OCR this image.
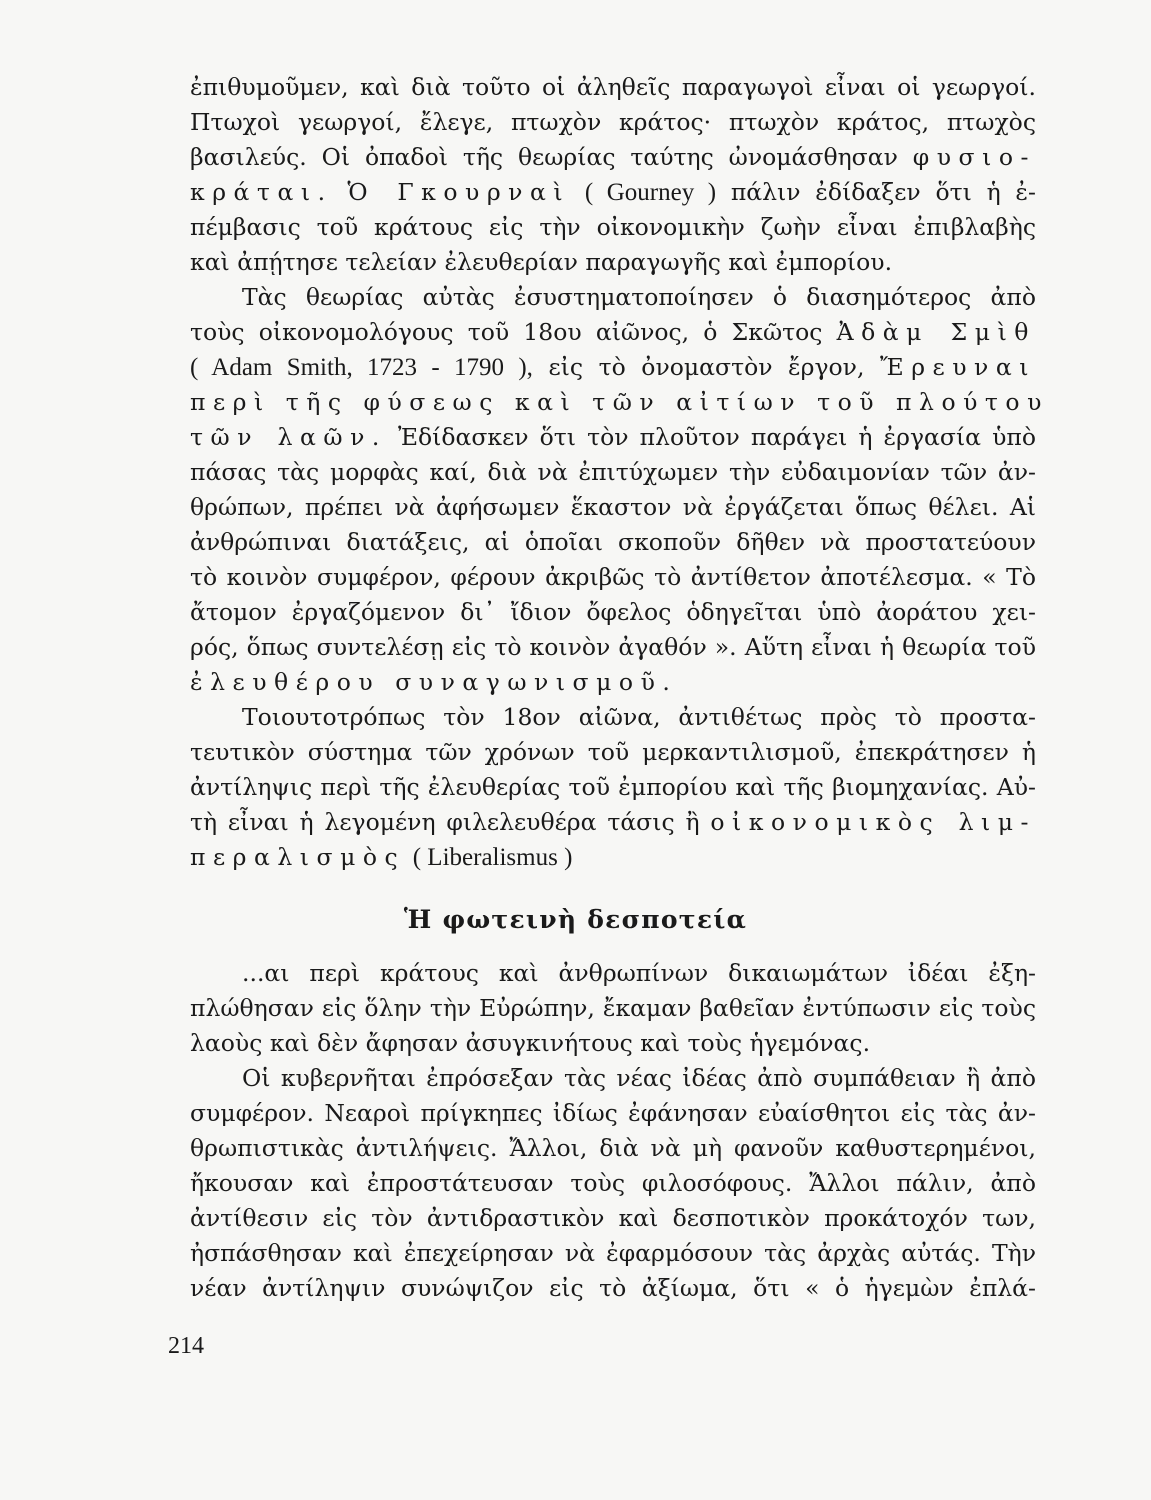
ἐπιθυμοῦμεν, καὶ διὰ τοῦτο οἱ ἀληθεῖς παραγωγοὶ εἶναι οἱ γεωργοί.
Πτωχοὶ γεωργοί, ἔλεγε, πτωχὸν κράτος· πτωχὸν κράτος, πτωχὸς
βασιλεύς. Οἱ ὀπαδοὶ τῆς θεωρίας ταύτης ὠνομάσθησαν φυσιο-
κράται. Ὁ Γκουρναὶ ( Gourney ) πάλιν ἐδίδαξεν ὅτι ἡ ἐ-
πέμβασις τοῦ κράτους εἰς τὴν οἰκονομικὴν ζωὴν εἶναι ἐπιβλαβὴς
καὶ ἀπῄτησε τελείαν ἐλευθερίαν παραγωγῆς καὶ ἐμπορίου.
Τὰς θεωρίας αὐτὰς ἐσυστηματοποίησεν ὁ διασημότερος ἀπὸ
τοὺς οἰκονομολόγους τοῦ 18ου αἰῶνος, ὁ Σκῶτος Ἀδὰμ Σμὶθ
( Adam Smith, 1723 - 1790 ), εἰς τὸ ὀνομαστὸν ἔργον, Ἔρευναι
περὶ τῆς φύσεως καὶ τῶν αἰτίων τοῦ πλούτου
τῶν λαῶν. Ἐδίδασκεν ὅτι τὸν πλοῦτον παράγει ἡ ἐργασία ὑπὸ
πάσας τὰς μορφὰς καί, διὰ νὰ ἐπιτύχωμεν τὴν εὐδαιμονίαν τῶν ἀν-
θρώπων, πρέπει νὰ ἀφήσωμεν ἕκαστον νὰ ἐργάζεται ὅπως θέλει. Αἱ
ἀνθρώπιναι διατάξεις, αἱ ὁποῖαι σκοποῦν δῆθεν νὰ προστατεύουν
τὸ κοινὸν συμφέρον, φέρουν ἀκριβῶς τὸ ἀντίθετον ἀποτέλεσμα. « Τὸ
ἄτομον ἐργαζόμενον δι᾽ ἴδιον ὄφελος ὁδηγεῖται ὑπὸ ἀοράτου χει-
ρός, ὅπως συντελέσῃ εἰς τὸ κοινὸν ἀγαθόν ». Αὕτη εἶναι ἡ θεωρία τοῦ
ἐλευθέρου συναγωνισμοῦ.
Τοιουτοτρόπως τὸν 18ον αἰῶνα, ἀντιθέτως πρὸς τὸ προστα-
τευτικὸν σύστημα τῶν χρόνων τοῦ μερκαντιλισμοῦ, ἐπεκράτησεν ἡ
ἀντίληψις περὶ τῆς ἐλευθερίας τοῦ ἐμπορίου καὶ τῆς βιομηχανίας. Αὐ-
τὴ εἶναι ἡ λεγομένη φιλελευθέρα τάσις ἢ οἰκονομικὸς λιμ-
περαλισμὸς ( Liberalismus )
Ἡ φωτεινὴ δεσποτεία
...αι περὶ κράτους καὶ ἀνθρωπίνων δικαιωμάτων ἰδέαι ἐξη-
πλώθησαν εἰς ὅλην τὴν Εὐρώπην, ἔκαμαν βαθεῖαν ἐντύπωσιν εἰς τοὺς
λαοὺς καὶ δὲν ἄφησαν ἀσυγκινήτους καὶ τοὺς ἡγεμόνας.
Οἱ κυβερνῆται ἐπρόσεξαν τὰς νέας ἰδέας ἀπὸ συμπάθειαν ἢ ἀπὸ
συμφέρον. Νεαροὶ πρίγκηπες ἰδίως ἐφάνησαν εὐαίσθητοι εἰς τὰς ἀν-
θρωπιστικὰς ἀντιλήψεις. Ἄλλοι, διὰ νὰ μὴ φανοῦν καθυστερημένοι,
ἤκουσαν καὶ ἐπροστάτευσαν τοὺς φιλοσόφους. Ἄλλοι πάλιν, ἀπὸ
ἀντίθεσιν εἰς τὸν ἀντιδραστικὸν καὶ δεσποτικὸν προκάτοχόν των,
ἠσπάσθησαν καὶ ἐπεχείρησαν νὰ ἐφαρμόσουν τὰς ἀρχὰς αὐτάς. Τὴν
νέαν ἀντίληψιν συνώψιζον εἰς τὸ ἀξίωμα, ὅτι « ὁ ἡγεμὼν ἐπλά-
214
